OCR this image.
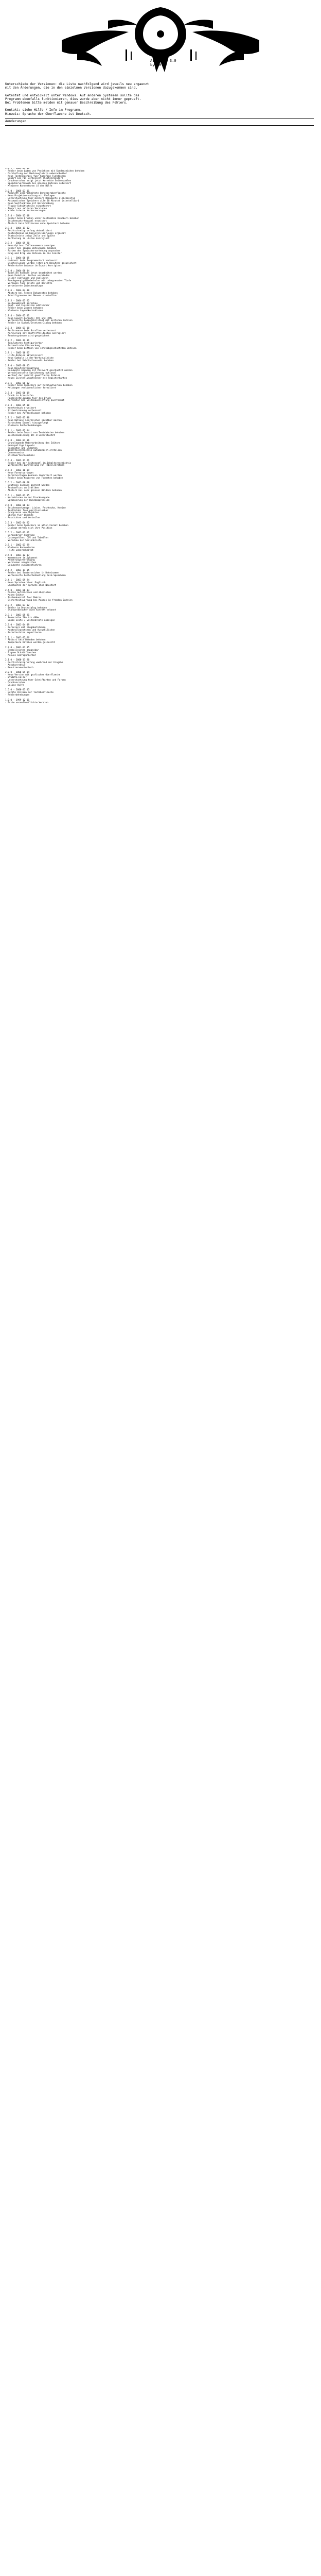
Afrodite 3.0
by JH
Unterschiede der Versionen: die Liste nachfolgend wird jeweils neu ergaenzt
mit den Änderungen, die in den einzelnen Versionen dazugekommen sind.
Getestet und entwickelt unter Windows. Auf anderen Systemen sollte das
Programm ebenfalls funktionieren, dies wurde aber nicht immer geprueft.
Bei Problemen bitte melden mit genauer Beschreibung des Fehlers.
Kontakt: siehe Hilfe / Info im Programm.
Hinweis: Sprache der Oberflaeche ist Deutsch.
Aenderungen
3.0.1 - 2005-04-12
- Fehler beim Laden von Projekten mit Sonderzeichen behoben
- Darstellung der Werkzeugleiste ueberarbeitet
- Neue Tastenkuerzel fuer haeufige Funktionen
- Export als PDF verbessert (Seitenraender)
- Druckvorschau zeigt jetzt korrekte Seitenzahlen
- Speicherverbrauch bei grossen Dateien reduziert
- Kleinere Korrekturen in der Hilfe
3.0.0 - 2005-03-01
- Komplett ueberarbeitete Benutzeroberflaeche
- Neue Projektverwaltung mit Vorlagen
- Unterstuetzung fuer mehrere Dokumente gleichzeitig
- Automatisches Speichern alle 10 Minuten (einstellbar)
- Neue Suchfunktion mit Hervorhebung
- Plugin-Schnittstelle eingefuehrt
- Import aus aelteren Versionen
- Viele interne Verbesserungen
2.9.4 - 2004-12-18
- Fehler beim Drucken unter bestimmten Druckern behoben
- Zeichensatz-Auswahl erweitert
- Absturz beim Schliessen ohne Speichern behoben
2.9.3 - 2004-11-02
- Rechtschreibpruefung aktualisiert
- Kontextmenue um Kopieren/Einfuegen ergaenzt
- Statusleiste zeigt Zeile und Spalte
- Sortierung in Listen korrigiert
2.9.2 - 2004-09-20
- Neue Option: Zeilennummern anzeigen
- Fehler bei langen Dateinamen behoben
- Farben der Syntaxhervorhebung anpassbar
- Drag and Drop von Dateien in das Fenster
2.9.1 - 2004-08-05
- Ladezeit beim Programmstart verkuerzt
- Einstellungen werden jetzt pro Benutzer gespeichert
- Fehlerhafte Umlaute im Export korrigiert
2.9.0 - 2004-06-14
- Tabellen koennen jetzt bearbeitet werden
- Neue Funktion: Zellen verbinden
- Bilder einfuegen und skalieren
- Rueckgaengig/Wiederholen mit unbegrenzter Tiefe
- Vorlagen fuer Briefe und Berichte
- Verbesserte Zwischenablage
2.8.6 - 2004-04-30
- Absturz bei leeren Dokumenten behoben
- Schriftgroesse der Menues einstellbar
2.8.5 - 2004-03-22
- Seitenumbruch-Vorschau
- Kopf- und Fusszeilen editierbar
- Fehler beim Zoomen behoben
- Kleinere Layoutkorrekturen
2.8.4 - 2004-02-11
- Neue Export-Formate: RTF und HTML
- Verbesserte Kompatibilitaet mit aelteren Dateien
- Fehler im Suchen/Ersetzen-Dialog behoben
2.8.3 - 2004-01-08
- Performance beim Scrollen verbessert
- Markierung mit Shift+Pfeiltasten korrigiert
- Fenstergroesse wird gespeichert
2.8.2 - 2003-12-01
- Tabulatoren konfigurierbar
- Automatische Einrueckung
- Fehler beim Oeffnen von schreibgeschuetzten Dateien
2.8.1 - 2003-10-27
- Hilfe-Dateien aktualisiert
- Neue Symbole in der Werkzeugleiste
- Fehler bei Mehrfachauswahl behoben
2.8.0 - 2003-09-15
- Neue Benutzerverwaltung
- Dokumente koennen mit Passwort geschuetzt werden
- Verschluesselte Speicherung optional
- Verlauf der zuletzt geoeffneten Dateien
- Neues Einstellungsfenster mit Registerkarten
2.7.5 - 2003-08-02
- Fehler beim Speichern auf Netzlaufwerken behoben
- Meldungen verstaendlicher formuliert
2.7.4 - 2003-06-19
- Druck in Graustufen
- Randeinstellungen fuer den Druck
- Korrektur bei Seitenausrichtung Querformat
2.7.3 - 2003-05-08
- Woerterbuch erweitert
- Silbentrennung verbessert
- Fehler bei Aufzaehlungen behoben
2.7.2 - 2003-03-30
- Neue Option: Leerzeichen sichtbar machen
- Farbschema Dunkel hinzugefuegt
- Kleinere Fehlerbehebungen
2.7.1 - 2003-02-14
- Fehler beim Import von Textdateien behoben
- Zeichenkodierung UTF-8 unterstuetzt
2.7.0 - 2003-01-06
- Grundlegende Ueberarbeitung des Editors
- Mehrspaltige Layouts
- Fussnoten und Endnoten
- Inhaltsverzeichnis automatisch erstellen
- Querverweise
- Stichwortverzeichnis
2.6.4 - 2002-11-21
- Fehler bei der Seitenzahl im Inhaltsverzeichnis
- Verbesserte Darstellung von Tabellenrahmen
2.6.3 - 2002-10-09
- Neue Formatvorlagen
- Formatvorlagen koennen importiert werden
- Fehler beim Kopieren von Formaten behoben
2.6.2 - 2002-08-28
- Grafiken koennen gedreht werden
- Textumfluss um Grafiken
- Absturz bei sehr grossen Bildern behoben
2.6.1 - 2002-07-15
- Korrekturen an der Druckausgabe
- Optimierung der Bildkompression
2.6.0 - 2002-06-03
- Zeichenwerkzeuge: Linien, Rechtecke, Kreise
- Textfelder frei positionierbar
- Gruppieren von Objekten
- Ebenen fuer Objekte
- Ausrichten und Verteilen
2.5.3 - 2002-04-22
- Fehler beim Speichern im alten Format behoben
- Dialoge merken sich ihre Position
2.5.2 - 2002-03-11
- Serienbrief-Funktion
- Datenquellen: CSV und Tabellen
- Vorschau der Serienbriefe
2.5.1 - 2002-01-29
- Kleinere Korrekturen
- Hilfe ueberarbeitet
2.5.0 - 2001-12-17
- Kommentare im Dokument
- Aenderungsverfolgung
- Versionen vergleichen
- Dokumente zusammenfuehren
2.4.2 - 2001-11-05
- Fehler bei Sonderzeichen in Dateinamen
- Verbesserte Fehlerbehandlung beim Speichern
2.4.1 - 2001-09-24
- Neue Sprachversion: Englisch
- Umschalten der Sprache ohne Neustart
2.4.0 - 2001-08-13
- Makros aufzeichnen und abspielen
- Makro-Editor
- Tastenkuerzel fuer Makros
- Sicherheitswarnung bei Makros in fremden Dateien
2.3.2 - 2001-07-02
- Fehler im Druckdialog behoben
- Standarddrucker wird korrekt erkannt
2.3.1 - 2001-05-21
- Zoomstufen 50% bis 400%
- Ganze Seite / Seitenbreite anzeigen
2.3.0 - 2001-04-09
- Formulare mit Eingabefeldern
- Kontrollkaestchen und Auswahllisten
- Formulardaten exportieren
2.2.1 - 2001-02-26
- Absturz beim Beenden behoben
- Temporaere Dateien werden geloescht
2.2.0 - 2001-01-15
- Symbolleisten anpassbar
- Eigene Schaltflaechen
- Menues konfigurierbar
2.1.0 - 2000-11-20
- Rechtschreibpruefung waehrend der Eingabe
- Autokorrektur
- Benutzerwoerterbuch
2.0.0 - 2000-09-04
- Neue Version mit grafischer Oberflaeche
- WYSIWYG-Editor
- Unterstuetzung fuer Schriftarten und Farben
- Druckvorschau
- Online-Hilfe
1.5.0 - 2000-05-15
- Letzte Version der Textoberflaeche
- Fehlerbehebungen
1.0.0 - 1999-12-01
- Erste veroeffentlichte Version
